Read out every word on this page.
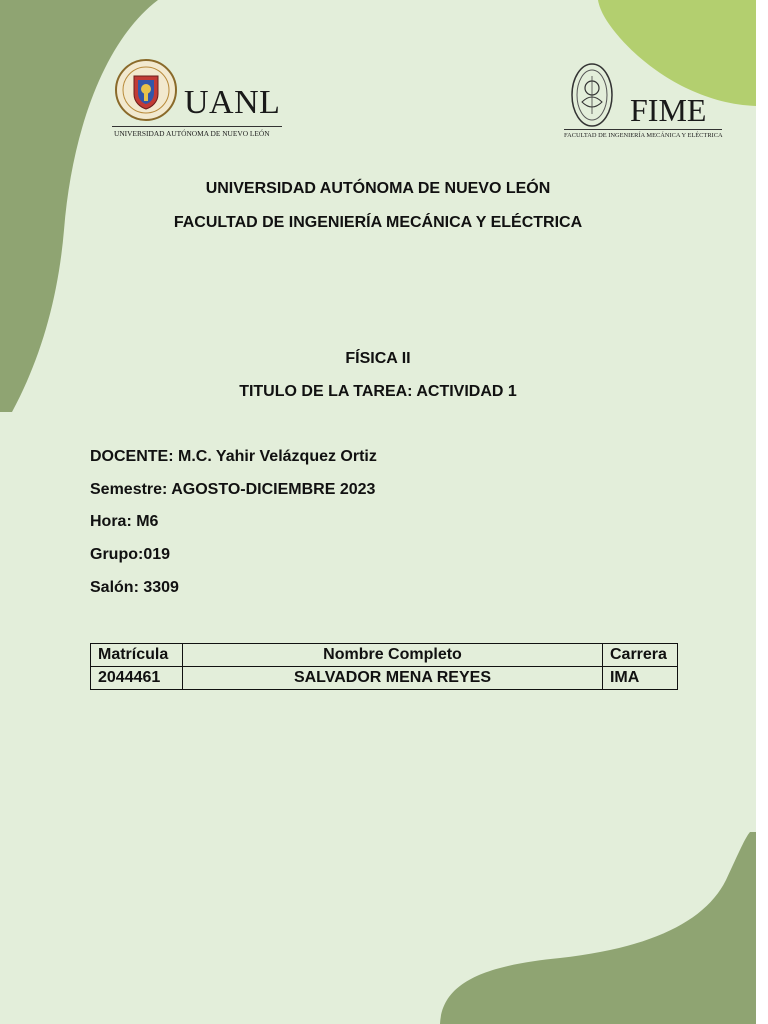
UANL
UNIVERSIDAD AUTÓNOMA DE NUEVO LEÓN
FIME
FACULTAD DE INGENIERÍA MECÁNICA Y ELÉCTRICA
UNIVERSIDAD AUTÓNOMA DE NUEVO LEÓN
FACULTAD DE INGENIERÍA MECÁNICA Y ELÉCTRICA
FÍSICA II
TITULO DE LA TAREA: ACTIVIDAD 1
DOCENTE: M.C. Yahir Velázquez Ortiz
Semestre: AGOSTO-DICIEMBRE 2023
Hora: M6
Grupo:019
Salón: 3309
Matrícula	Nombre Completo	Carrera
2044461	SALVADOR MENA REYES	IMA
